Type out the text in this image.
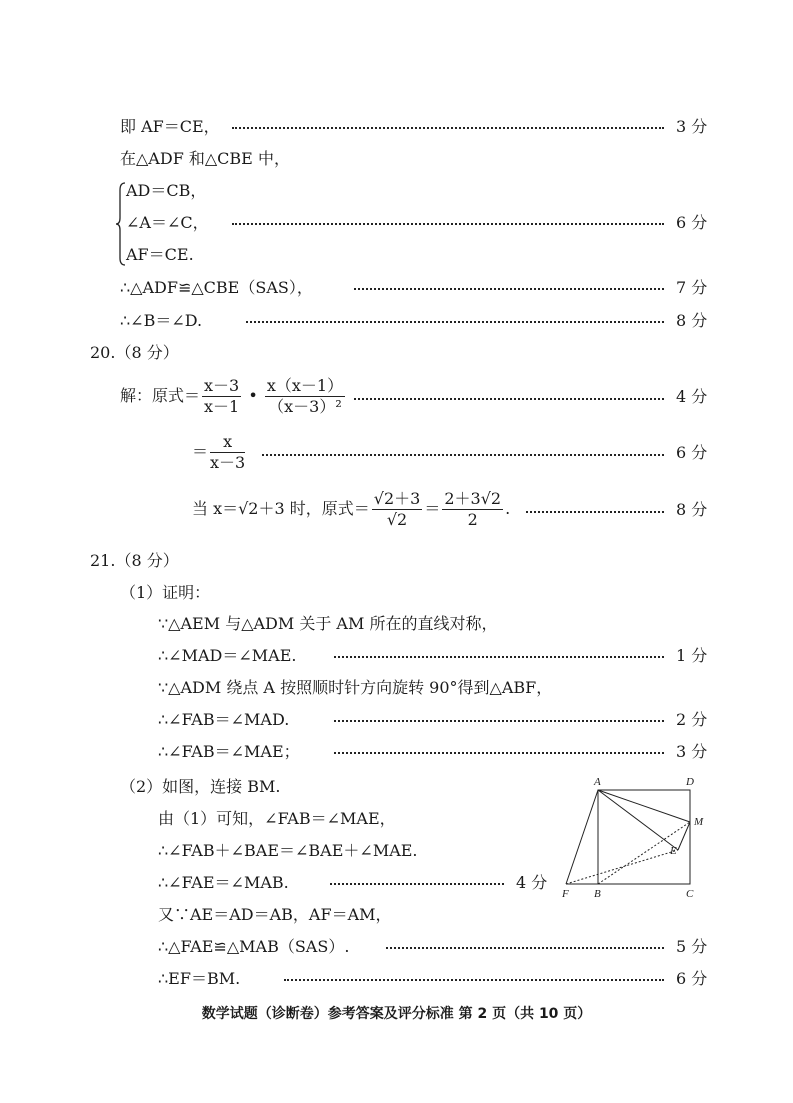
即 AF＝CE，	3 分
在△ADF 和△CBE 中，
AD＝CB，
∠A＝∠C，	6 分
AF＝CE.
∴△ADF≌△CBE（SAS），	7 分
∴∠B＝∠D.	8 分
20.（8 分）
解：原式＝ $\frac{x-3}{x-1}$ • $\frac{x(x-1)}{\text{（x－3）²}}$	4 分
＝ $\frac{x}{x-3}$	6 分
当 x＝√2＋3 时，原式＝ $\frac{√2+3}{√2} = \frac{2+3√2}{2}$ .	8 分
21.（8 分）
（1）证明：
∵△AEM 与△ADM 关于 AM 所在的直线对称，
∴∠MAD＝∠MAE.	1 分
∵△ADM 绕点 A 按照顺时针方向旋转 90°得到△ABF，
∴∠FAB＝∠MAD.	2 分
∴∠FAB＝∠MAE；	3 分
（2）如图，连接 BM.
由（1）可知，∠FAB＝∠MAE，
∴∠FAB＋∠BAE＝∠BAE＋∠MAE.
∴∠FAE＝∠MAB.	4 分
又∵AE＝AD＝AB，AF＝AM，
∴△FAE≌△MAB（SAS）.	5 分
∴EF＝BM.	6 分
A	D
M
E
F B	C
数学试题（诊断卷）参考答案及评分标准 第 2 页（共 10 页）
